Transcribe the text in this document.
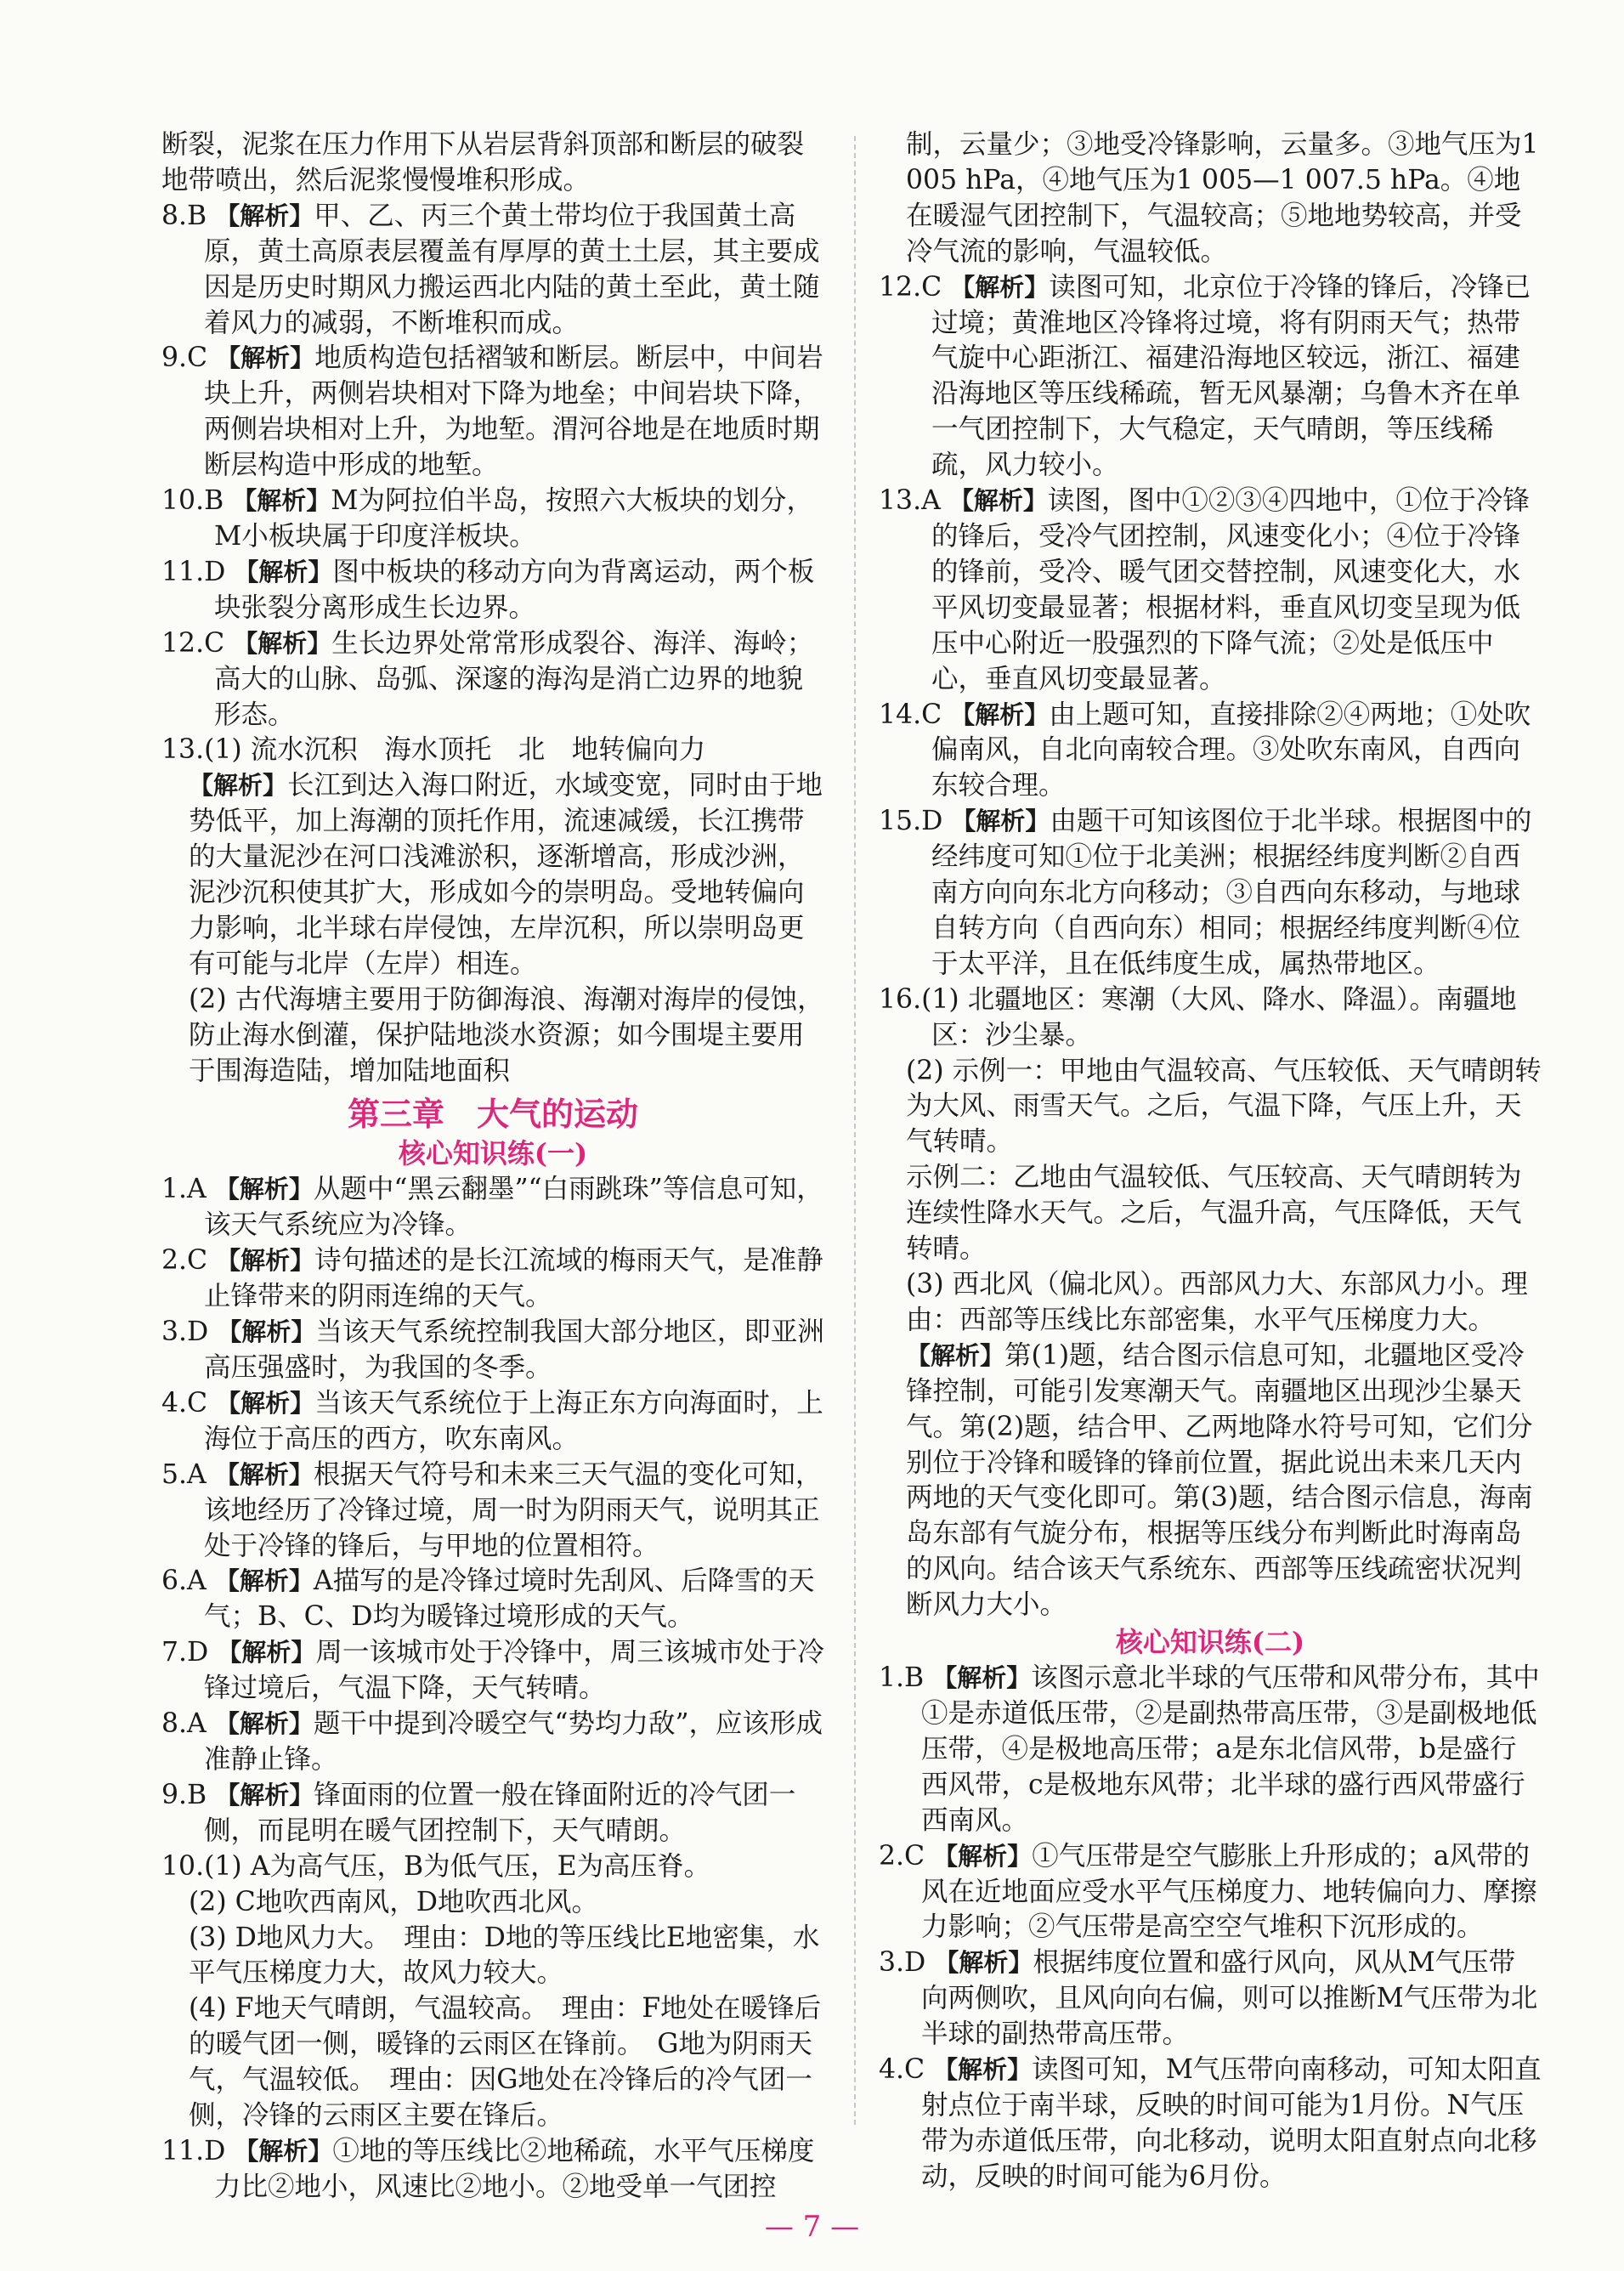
断裂，泥浆在压力作用下从岩层背斜顶部和断层的破裂地带喷出，然后泥浆慢慢堆积形成。

8.B 【解析】甲、乙、丙三个黄土带均位于我国黄土高原，黄土高原表层覆盖有厚厚的黄土土层，其主要成因是历史时期风力搬运西北内陆的黄土至此，黄土随着风力的减弱，不断堆积而成。

9.C 【解析】地质构造包括褶皱和断层。断层中，中间岩块上升，两侧岩块相对下降为地垒；中间岩块下降，两侧岩块相对上升，为地堑。渭河谷地是在地质时期断层构造中形成的地堑。

10.B 【解析】M为阿拉伯半岛，按照六大板块的划分，M小板块属于印度洋板块。

11.D 【解析】图中板块的移动方向为背离运动，两个板块张裂分离形成生长边界。

12.C 【解析】生长边界处常常形成裂谷、海洋、海岭；高大的山脉、岛弧、深邃的海沟是消亡边界的地貌形态。

13.(1) 流水沉积　海水顶托　北　地转偏向力

【解析】长江到达入海口附近，水域变宽，同时由于地势低平，加上海潮的顶托作用，流速减缓，长江携带的大量泥沙在河口浅滩淤积，逐渐增高，形成沙洲，泥沙沉积使其扩大，形成如今的崇明岛。受地转偏向力影响，北半球右岸侵蚀，左岸沉积，所以崇明岛更有可能与北岸（左岸）相连。

(2) 古代海塘主要用于防御海浪、海潮对海岸的侵蚀，防止海水倒灌，保护陆地淡水资源；如今围堤主要用于围海造陆，增加陆地面积

第三章　大气的运动
核心知识练(一)

1.A 【解析】从题中“黑云翻墨”“白雨跳珠”等信息可知，该天气系统应为冷锋。

2.C 【解析】诗句描述的是长江流域的梅雨天气，是准静止锋带来的阴雨连绵的天气。

3.D 【解析】当该天气系统控制我国大部分地区，即亚洲高压强盛时，为我国的冬季。

4.C 【解析】当该天气系统位于上海正东方向海面时，上海位于高压的西方，吹东南风。

5.A 【解析】根据天气符号和未来三天气温的变化可知，该地经历了冷锋过境，周一时为阴雨天气，说明其正处于冷锋的锋后，与甲地的位置相符。

6.A 【解析】A描写的是冷锋过境时先刮风、后降雪的天气；B、C、D均为暖锋过境形成的天气。

7.D 【解析】周一该城市处于冷锋中，周三该城市处于冷锋过境后，气温下降，天气转晴。

8.A 【解析】题干中提到冷暖空气“势均力敌”，应该形成准静止锋。

9.B 【解析】锋面雨的位置一般在锋面附近的冷气团一侧，而昆明在暖气团控制下，天气晴朗。

10.(1) A为高气压，B为低气压，E为高压脊。

(2) C地吹西南风，D地吹西北风。

(3) D地风力大。　理由：D地的等压线比E地密集，水平气压梯度力大，故风力较大。

(4) F地天气晴朗，气温较高。　理由：F地处在暖锋后的暖气团一侧，暖锋的云雨区在锋前。　G地为阴雨天气，气温较低。　理由：因G地处在冷锋后的冷气团一侧，冷锋的云雨区主要在锋后。

11.D 【解析】①地的等压线比②地稀疏，水平气压梯度力比②地小，风速比②地小。②地受单一气团控

制，云量少；③地受冷锋影响，云量多。③地气压为1 005 hPa，④地气压为1 005—1 007.5 hPa。④地在暖湿气团控制下，气温较高；⑤地地势较高，并受冷气流的影响，气温较低。

12.C 【解析】读图可知，北京位于冷锋的锋后，冷锋已过境；黄淮地区冷锋将过境，将有阴雨天气；热带气旋中心距浙江、福建沿海地区较远，浙江、福建沿海地区等压线稀疏，暂无风暴潮；乌鲁木齐在单一气团控制下，大气稳定，天气晴朗，等压线稀疏，风力较小。

13.A 【解析】读图，图中①②③④四地中，①位于冷锋的锋后，受冷气团控制，风速变化小；④位于冷锋的锋前，受冷、暖气团交替控制，风速变化大，水平风切变最显著；根据材料，垂直风切变呈现为低压中心附近一股强烈的下降气流；②处是低压中心，垂直风切变最显著。

14.C 【解析】由上题可知，直接排除②④两地；①处吹偏南风，自北向南较合理。③处吹东南风，自西向东较合理。

15.D 【解析】由题干可知该图位于北半球。根据图中的经纬度可知①位于北美洲；根据经纬度判断②自西南方向向东北方向移动；③自西向东移动，与地球自转方向（自西向东）相同；根据经纬度判断④位于太平洋，且在低纬度生成，属热带地区。

16.(1) 北疆地区：寒潮（大风、降水、降温）。南疆地区：沙尘暴。

(2) 示例一：甲地由气温较高、气压较低、天气晴朗转为大风、雨雪天气。之后，气温下降，气压上升，天气转晴。

示例二：乙地由气温较低、气压较高、天气晴朗转为连续性降水天气。之后，气温升高，气压降低，天气转晴。

(3) 西北风（偏北风）。西部风力大、东部风力小。理由：西部等压线比东部密集，水平气压梯度力大。

【解析】第(1)题，结合图示信息可知，北疆地区受冷锋控制，可能引发寒潮天气。南疆地区出现沙尘暴天气。第(2)题，结合甲、乙两地降水符号可知，它们分别位于冷锋和暖锋的锋前位置，据此说出未来几天内两地的天气变化即可。第(3)题，结合图示信息，海南岛东部有气旋分布，根据等压线分布判断此时海南岛的风向。结合该天气系统东、西部等压线疏密状况判断风力大小。

核心知识练(二)

1.B 【解析】该图示意北半球的气压带和风带分布，其中①是赤道低压带，②是副热带高压带，③是副极地低压带，④是极地高压带；a是东北信风带，b是盛行西风带，c是极地东风带；北半球的盛行西风带盛行西南风。

2.C 【解析】①气压带是空气膨胀上升形成的；a风带的风在近地面应受水平气压梯度力、地转偏向力、摩擦力影响；②气压带是高空空气堆积下沉形成的。

3.D 【解析】根据纬度位置和盛行风向，风从M气压带向两侧吹，且风向向右偏，则可以推断M气压带为北半球的副热带高压带。

4.C 【解析】读图可知，M气压带向南移动，可知太阳直射点位于南半球，反映的时间可能为1月份。N气压带为赤道低压带，向北移动，说明太阳直射点向北移动，反映的时间可能为6月份。

— 7 —
